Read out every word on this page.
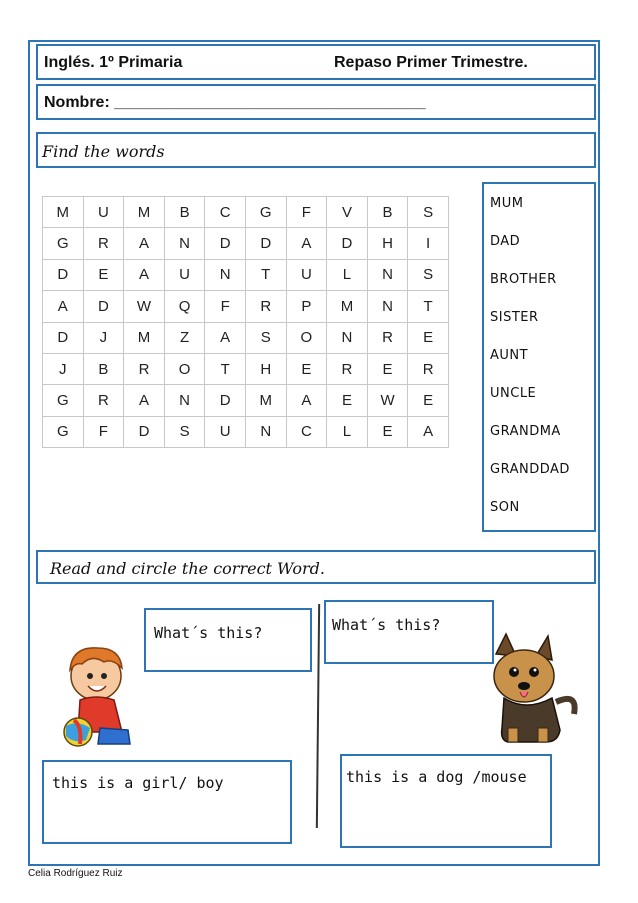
Inglés. 1º Primaria	Repaso Primer Trimestre.
Nombre: ___________________________________
Find the words
M	U	M	B	C	G	F	V	B	S
G	R	A	N	D	D	A	D	H	I
D	E	A	U	N	T	U	L	N	S
A	D	W	Q	F	R	P	M	N	T
D	J	M	Z	A	S	O	N	R	E
J	B	R	O	T	H	E	R	E	R
G	R	A	N	D	M	A	E	W	E
G	F	D	S	U	N	C	L	E	A
MUM
DAD
BROTHER
SISTER
AUNT
UNCLE
GRANDMA
GRANDDAD
SON
Read and circle the correct Word.
What´s this?	What´s this?
this is a girl/ boy	this is a dog /mouse
Celia Rodríguez Ruiz
